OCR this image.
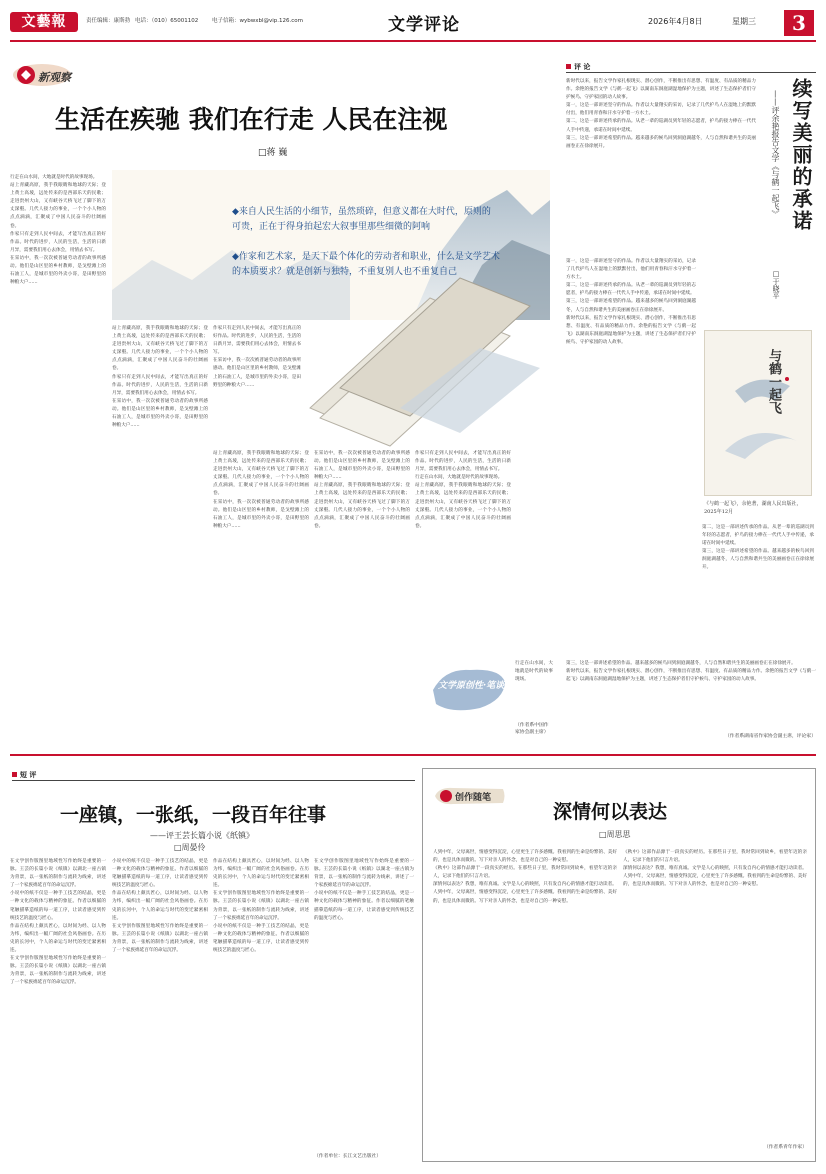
文藝報	责任编辑：康斯勃 电话：（010）65001102	电子信箱：wybwxbl@vip.126.com	文学评论	2026年4月8日	星期三	3
新观察
生活在疾驰 我们在行走 人民在注视
□蒋 巍

行走在山水间，大地就是时代的故事现场。

站上青藏高原，我手我眼睛和地球的天际；登上黄土高坡，远处传来的是西部乐天的民歌；走进贵州大山，又有峡谷天桥飞过了脚下的万丈深壑。几代人接力的事业，一个个小人物的点点滴滴，汇聚成了中国人民奋斗的壮阔画卷。

作家只有走到人民中间去，才能写出真正的好作品。时代的进步，人民的生活，生活的日新月异，需要我们用心去体会，用情去书写。

在采访中，我一次次被普通劳动者的故事所感动。他们是山区里的乡村教师，是戈壁滩上的石油工人，是城市里的外卖小哥，是田野里的种粮大户……

◆来自人民生活的小细节，虽然琐碎，但意义都在大时代，原则的可贵，正在于得身拍起宏大叙事里那些细微的阿响
◆作家和艺术家，是天下最个体化的劳动者和职业，什么是文学艺术的本质要求？就是创新与独特，不重复别人也不重复自己

站上青藏高原，我手我眼睛和地球的天际；登上黄土高坡，远处传来的是西部乐天的民歌；走进贵州大山，又有峡谷天桥飞过了脚下的万丈深壑。几代人接力的事业，一个个小人物的点点滴滴，汇聚成了中国人民奋斗的壮阔画卷。

作家只有走到人民中间去，才能写出真正的好作品。时代的进步，人民的生活，生活的日新月异，需要我们用心去体会，用情去书写。

在采访中，我一次次被普通劳动者的故事所感动。他们是山区里的乡村教师，是戈壁滩上的石油工人，是城市里的外卖小哥，是田野里的种粮大户……

作家只有走到人民中间去，才能写出真正的好作品。时代的进步，人民的生活，生活的日新月异，需要我们用心去体会，用情去书写。

在采访中，我一次次被普通劳动者的故事所感动。他们是山区里的乡村教师，是戈壁滩上的石油工人，是城市里的外卖小哥，是田野里的种粮大户……

站上青藏高原，我手我眼睛和地球的天际；登上黄土高坡，远处传来的是西部乐天的民歌；走进贵州大山，又有峡谷天桥飞过了脚下的万丈深壑。几代人接力的事业，一个个小人物的点点滴滴，汇聚成了中国人民奋斗的壮阔画卷。

在采访中，我一次次被普通劳动者的故事所感动。他们是山区里的乡村教师，是戈壁滩上的石油工人，是城市里的外卖小哥，是田野里的种粮大户……

在采访中，我一次次被普通劳动者的故事所感动。他们是山区里的乡村教师，是戈壁滩上的石油工人，是城市里的外卖小哥，是田野里的种粮大户……

站上青藏高原，我手我眼睛和地球的天际；登上黄土高坡，远处传来的是西部乐天的民歌；走进贵州大山，又有峡谷天桥飞过了脚下的万丈深壑。几代人接力的事业，一个个小人物的点点滴滴，汇聚成了中国人民奋斗的壮阔画卷。

作家只有走到人民中间去，才能写出真正的好作品。时代的进步，人民的生活，生活的日新月异，需要我们用心去体会，用情去书写。

行走在山水间，大地就是时代的故事现场。

站上青藏高原，我手我眼睛和地球的天际；登上黄土高坡，远处传来的是西部乐天的民歌；走进贵州大山，又有峡谷天桥飞过了脚下的万丈深壑。几代人接力的事业，一个个小人物的点点滴滴，汇聚成了中国人民奋斗的壮阔画卷。

行走在山水间，大地就是时代的故事现场。

文学原创性·笔谈
（作者系中国作家协会副主席）
评 论

新时代以来，报告文学作家扎根现实、潜心创作，不断推出有思想、有温度、有品质的精品力作。余艳的报告文学《与鹤一起飞》以湖南东洞庭湖湿地保护为主题，讲述了生态保护者们守护候鸟、守护家园的动人故事。

第一，这是一部讲述坚守的作品。作者以大量翔实的采访，记录了几代护鸟人在湿地上的默默付出，他们用青春和汗水守护着一方水土。

第二，这是一部讲述传承的作品。从老一辈的巡湖员到年轻的志愿者，护鸟的接力棒在一代代人手中传递，承诺在时间中延续。

第三，这是一部讲述希望的作品。越来越多的候鸟回到洞庭湖越冬，人与自然和谐共生的美丽画卷正在徐徐展开。	续写美丽的承诺
——评余艳报告文学《与鹤一起飞》
□于晓平

第一，这是一部讲述坚守的作品。作者以大量翔实的采访，记录了几代护鸟人在湿地上的默默付出，他们用青春和汗水守护着一方水土。

第二，这是一部讲述传承的作品。从老一辈的巡湖员到年轻的志愿者，护鸟的接力棒在一代代人手中传递，承诺在时间中延续。

第三，这是一部讲述希望的作品。越来越多的候鸟回到洞庭湖越冬，人与自然和谐共生的美丽画卷正在徐徐展开。

新时代以来，报告文学作家扎根现实、潜心创作，不断推出有思想、有温度、有品质的精品力作。余艳的报告文学《与鹤一起飞》以湖南东洞庭湖湿地保护为主题，讲述了生态保护者们守护候鸟、守护家园的动人故事。

与鹤一起飞
《与鹤一起飞》，余艳著，湖南人民出版社，2025年12月

第二，这是一部讲述传承的作品。从老一辈的巡湖员到年轻的志愿者，护鸟的接力棒在一代代人手中传递，承诺在时间中延续。

第三，这是一部讲述希望的作品。越来越多的候鸟回到洞庭湖越冬，人与自然和谐共生的美丽画卷正在徐徐展开。

第三，这是一部讲述希望的作品。越来越多的候鸟回到洞庭湖越冬，人与自然和谐共生的美丽画卷正在徐徐展开。

新时代以来，报告文学作家扎根现实、潜心创作，不断推出有思想、有温度、有品质的精品力作。余艳的报告文学《与鹤一起飞》以湖南东洞庭湖湿地保护为主题，讲述了生态保护者们守护候鸟、守护家园的动人故事。

（作者系湖南省作家协会副主席，评论家）
短 评
一座镇，一张纸，一段百年往事
——评王芸长篇小说《纸镇》
□周晏伶

在文学创作版图里地域性写作始终是重要的一脉。王芸的长篇小说《纸镇》以湖北一座古镇为背景，以一张纸的制作与流转为线索，讲述了一个家族绵延百年的命运沉浮。

小说中的纸不仅是一种手工技艺的结晶，更是一种文化的载体与精神的象征。作者以细腻的笔触描摹造纸的每一道工序，让读者感受到传统技艺的温度与匠心。

作品在结构上颇具匠心，以时间为经、以人物为纬，编织出一幅广阔的社会风俗画卷。在历史的长河中，个人的命运与时代的变迁紧密相连。

在文学创作版图里地域性写作始终是重要的一脉。王芸的长篇小说《纸镇》以湖北一座古镇为背景，以一张纸的制作与流转为线索，讲述了一个家族绵延百年的命运沉浮。

小说中的纸不仅是一种手工技艺的结晶，更是一种文化的载体与精神的象征。作者以细腻的笔触描摹造纸的每一道工序，让读者感受到传统技艺的温度与匠心。

作品在结构上颇具匠心，以时间为经、以人物为纬，编织出一幅广阔的社会风俗画卷。在历史的长河中，个人的命运与时代的变迁紧密相连。

在文学创作版图里地域性写作始终是重要的一脉。王芸的长篇小说《纸镇》以湖北一座古镇为背景，以一张纸的制作与流转为线索，讲述了一个家族绵延百年的命运沉浮。

作品在结构上颇具匠心，以时间为经、以人物为纬，编织出一幅广阔的社会风俗画卷。在历史的长河中，个人的命运与时代的变迁紧密相连。

在文学创作版图里地域性写作始终是重要的一脉。王芸的长篇小说《纸镇》以湖北一座古镇为背景，以一张纸的制作与流转为线索，讲述了一个家族绵延百年的命运沉浮。

小说中的纸不仅是一种手工技艺的结晶，更是一种文化的载体与精神的象征。作者以细腻的笔触描摹造纸的每一道工序，让读者感受到传统技艺的温度与匠心。

在文学创作版图里地域性写作始终是重要的一脉。王芸的长篇小说《纸镇》以湖北一座古镇为背景，以一张纸的制作与流转为线索，讲述了一个家族绵延百年的命运沉浮。

小说中的纸不仅是一种手工技艺的结晶，更是一种文化的载体与精神的象征。作者以细腻的笔触描摹造纸的每一道工序，让读者感受到传统技艺的温度与匠心。

（作者单位：长江文艺出版社）
创作随笔
深情何以表达
□周思思

人到中年，父母离世，情感变得沉淀，心里更生了许多感慨。我看到的生命是纷繁的、美好的，也是具体而微的。写下对亲人的怀念，也是对自己的一种安慰。

《秋中》这部作品源于一段真实的经历。在那些日子里，我时常回到故乡，看望年迈的亲人，记录下他们的只言片语。

深情何以表达？我想，唯有真诚。文学是人心的映照，只有发自内心的情感才能打动读者。

人到中年，父母离世，情感变得沉淀，心里更生了许多感慨。我看到的生命是纷繁的、美好的，也是具体而微的。写下对亲人的怀念，也是对自己的一种安慰。

《秋中》这部作品源于一段真实的经历。在那些日子里，我时常回到故乡，看望年迈的亲人，记录下他们的只言片语。

深情何以表达？我想，唯有真诚。文学是人心的映照，只有发自内心的情感才能打动读者。

人到中年，父母离世，情感变得沉淀，心里更生了许多感慨。我看到的生命是纷繁的、美好的，也是具体而微的。写下对亲人的怀念，也是对自己的一种安慰。

（作者系青年作家）
